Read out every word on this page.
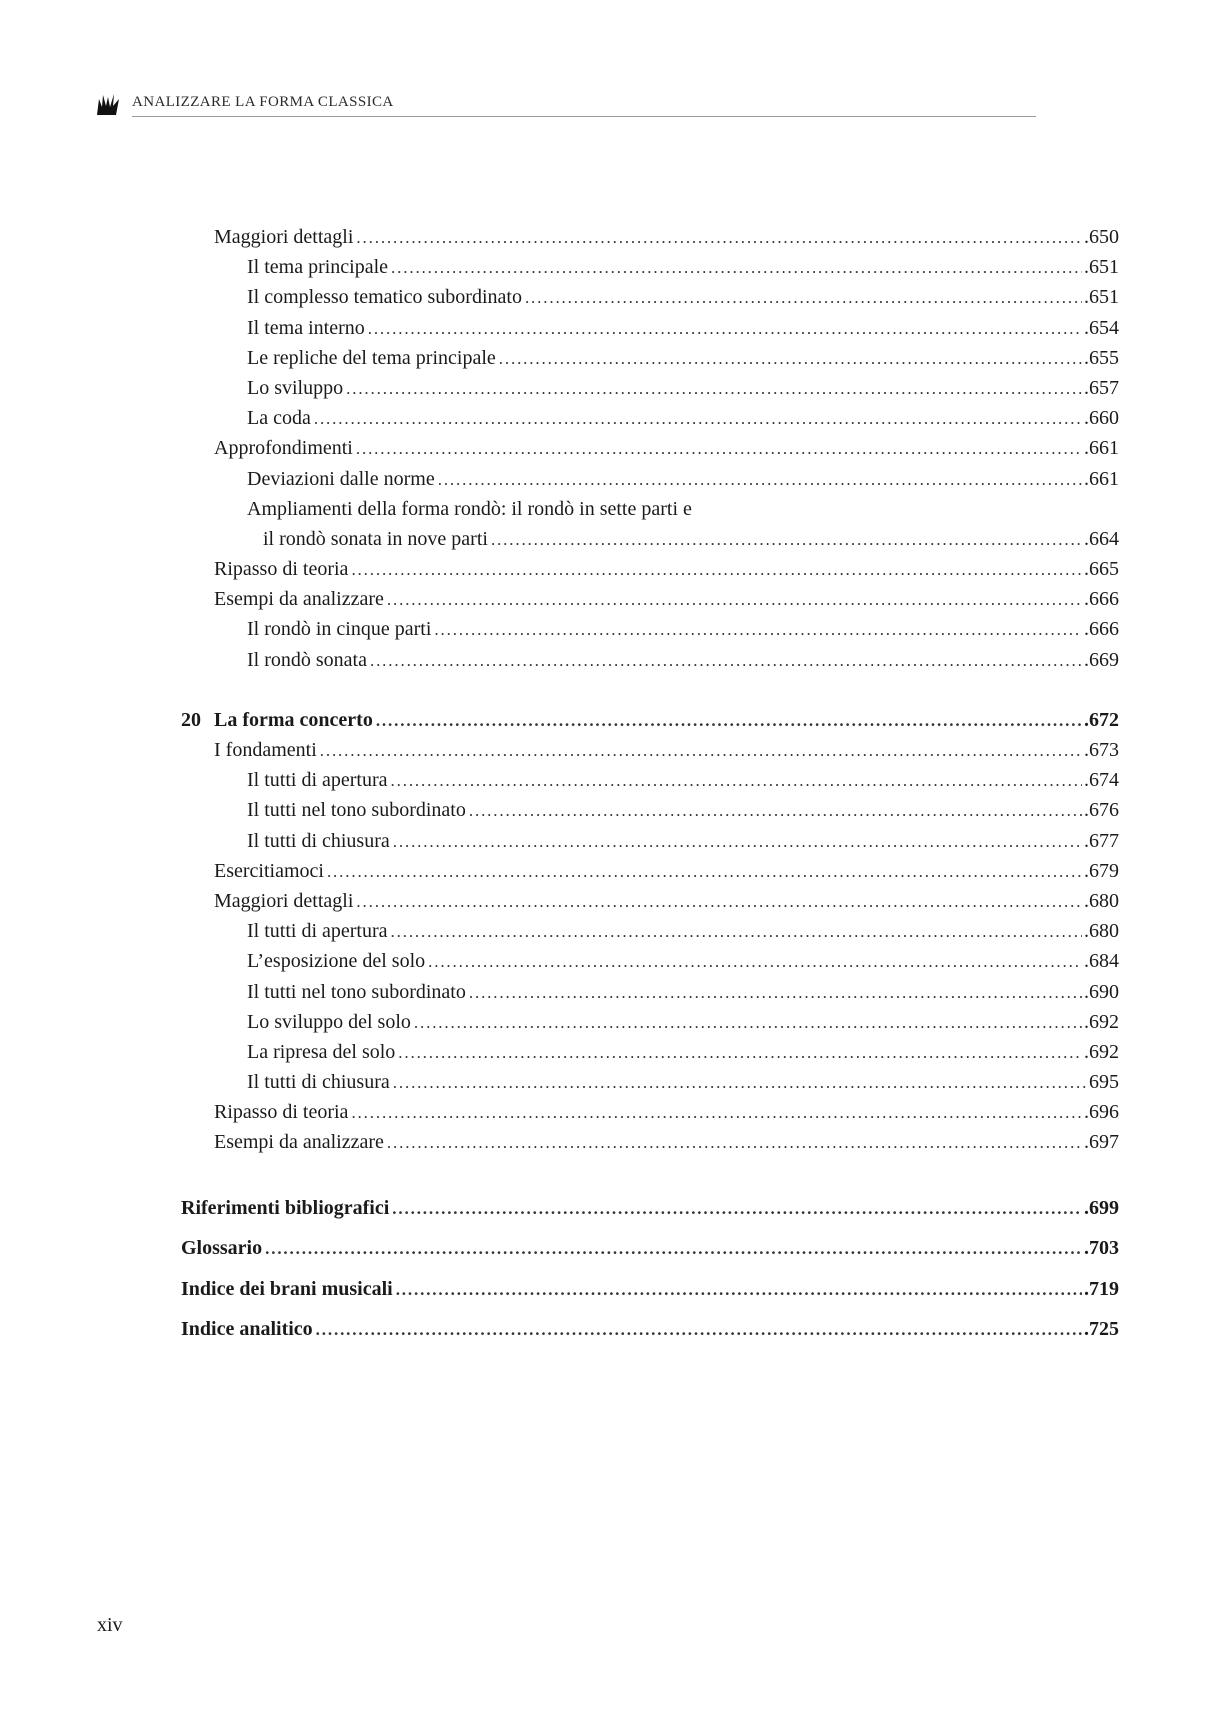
ANALIZZARE LA FORMA CLASSICA
Maggiori dettagli . . .	.650
Il tema principale . . .	.651
Il complesso tematico subordinato . . .	.651
Il tema interno . . .	.654
Le repliche del tema principale . . .	.655
Lo sviluppo . . .	.657
La coda . . .	.660
Approfondimenti . . .	.661
Deviazioni dalle norme . . .	.661
Ampliamenti della forma rondò: il rondò in sette parti e
il rondò sonata in nove parti . . .	.664
Ripasso di teoria . . .	.665
Esempi da analizzare . . .	.666
Il rondò in cinque parti . . .	.666
Il rondò sonata . . .	.669
20 La forma concerto . . .	.672
I fondamenti . . .	.673
Il tutti di apertura . . .	.674
Il tutti nel tono subordinato . . .	.676
Il tutti di chiusura . . .	.677
Esercitiamoci . . .	.679
Maggiori dettagli . . .	.680
Il tutti di apertura . . .	.680
L’esposizione del solo . . .	.684
Il tutti nel tono subordinato . . .	.690
Lo sviluppo del solo . . .	.692
La ripresa del solo . . .	.692
Il tutti di chiusura . . .	695
Ripasso di teoria . . .	.696
Esempi da analizzare . . .	.697
Riferimenti bibliografici . . .	.699
Glossario . . .	.703
Indice dei brani musicali . . .	.719
Indice analitico . . .	.725
xiv
